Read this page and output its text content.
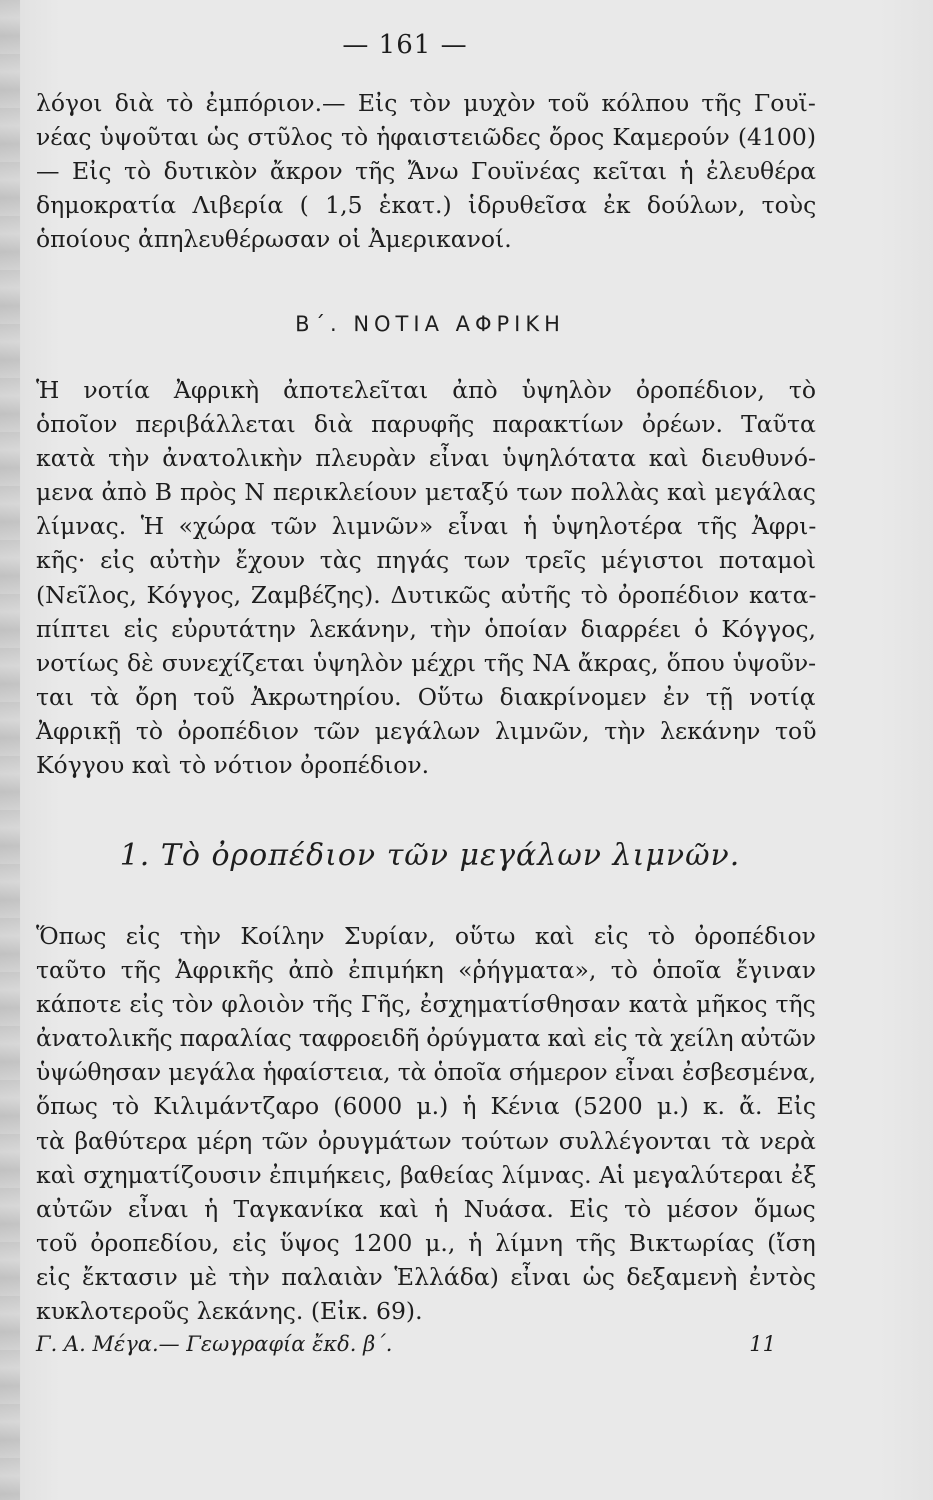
— 161 —
λόγοι διὰ τὸ ἐμπόριον.— Εἰς τὸν μυχὸν τοῦ κόλπου τῆς Γουϊ-
νέας ὑψοῦται ὡς στῦλος τὸ ἡφαιστειῶδες ὄρος Καμερούν (4100)
— Εἰς τὸ δυτικὸν ἄκρον τῆς Ἄνω Γουϊνέας κεῖται ἡ ἐλευθέρα
δημοκρατία Λιβερία ( 1,5 ἑκατ.) ἱδρυθεῖσα ἐκ δούλων, τοὺς
ὁποίους ἀπηλευθέρωσαν οἱ Ἀμερικανοί.
Β΄. ΝΟΤΙΑ ΑΦΡΙΚΗ
Ἡ νοτία Ἀφρικὴ ἀποτελεῖται ἀπὸ ὑψηλὸν ὀροπέδιον, τὸ
ὁποῖον περιβάλλεται διὰ παρυφῆς παρακτίων ὀρέων. Ταῦτα
κατὰ τὴν ἀνατολικὴν πλευρὰν εἶναι ὑψηλότατα καὶ διευθυνό-
μενα ἀπὸ Β πρὸς Ν περικλείουν μεταξύ των πολλὰς καὶ μεγάλας
λίμνας. Ἡ «χώρα τῶν λιμνῶν» εἶναι ἡ ὑψηλοτέρα τῆς Ἀφρι-
κῆς· εἰς αὐτὴν ἔχουν τὰς πηγάς των τρεῖς μέγιστοι ποταμοὶ
(Νεῖλος, Κόγγος, Ζαμβέζης). Δυτικῶς αὐτῆς τὸ ὀροπέδιον κατα-
πίπτει εἰς εὐρυτάτην λεκάνην, τὴν ὁποίαν διαρρέει ὁ Κόγγος,
νοτίως δὲ συνεχίζεται ὑψηλὸν μέχρι τῆς ΝΑ ἄκρας, ὅπου ὑψοῦν-
ται τὰ ὄρη τοῦ Ἀκρωτηρίου. Οὕτω διακρίνομεν ἐν τῇ νοτίᾳ
Ἀφρικῇ τὸ ὀροπέδιον τῶν μεγάλων λιμνῶν, τὴν λεκάνην τοῦ
Κόγγου καὶ τὸ νότιον ὀροπέδιον.
1. Τὸ ὀροπέδιον τῶν μεγάλων λιμνῶν.
Ὅπως εἰς τὴν Κοίλην Συρίαν, οὕτω καὶ εἰς τὸ ὀροπέδιον
ταῦτο τῆς Ἀφρικῆς ἀπὸ ἐπιμήκη «ῥήγματα», τὸ ὁποῖα ἔγιναν
κάποτε εἰς τὸν φλοιὸν τῆς Γῆς, ἐσχηματίσθησαν κατὰ μῆκος τῆς
ἀνατολικῆς παραλίας ταφροειδῆ ὀρύγματα καὶ εἰς τὰ χείλη αὐτῶν
ὑψώθησαν μεγάλα ἡφαίστεια, τὰ ὁποῖα σήμερον εἶναι ἐσβεσμένα,
ὅπως τὸ Κιλιμάντζαρο (6000 μ.) ἡ Κένια (5200 μ.) κ. ἄ. Εἰς
τὰ βαθύτερα μέρη τῶν ὀρυγμάτων τούτων συλλέγονται τὰ νερὰ
καὶ σχηματίζουσιν ἐπιμήκεις, βαθείας λίμνας. Αἱ μεγαλύτεραι ἐξ
αὐτῶν εἶναι ἡ Ταγκανίκα καὶ ἡ Νυάσα. Εἰς τὸ μέσον ὅμως
τοῦ ὀροπεδίου, εἰς ὕψος 1200 μ., ἡ λίμνη τῆς Βικτωρίας (ἴση
εἰς ἔκτασιν μὲ τὴν παλαιὰν Ἑλλάδα) εἶναι ὡς δεξαμενὴ ἐντὸς
κυκλοτεροῦς λεκάνης. (Εἰκ. 69).
Γ. Α. Μέγα.— Γεωγραφία ἔκδ. β΄.	11
